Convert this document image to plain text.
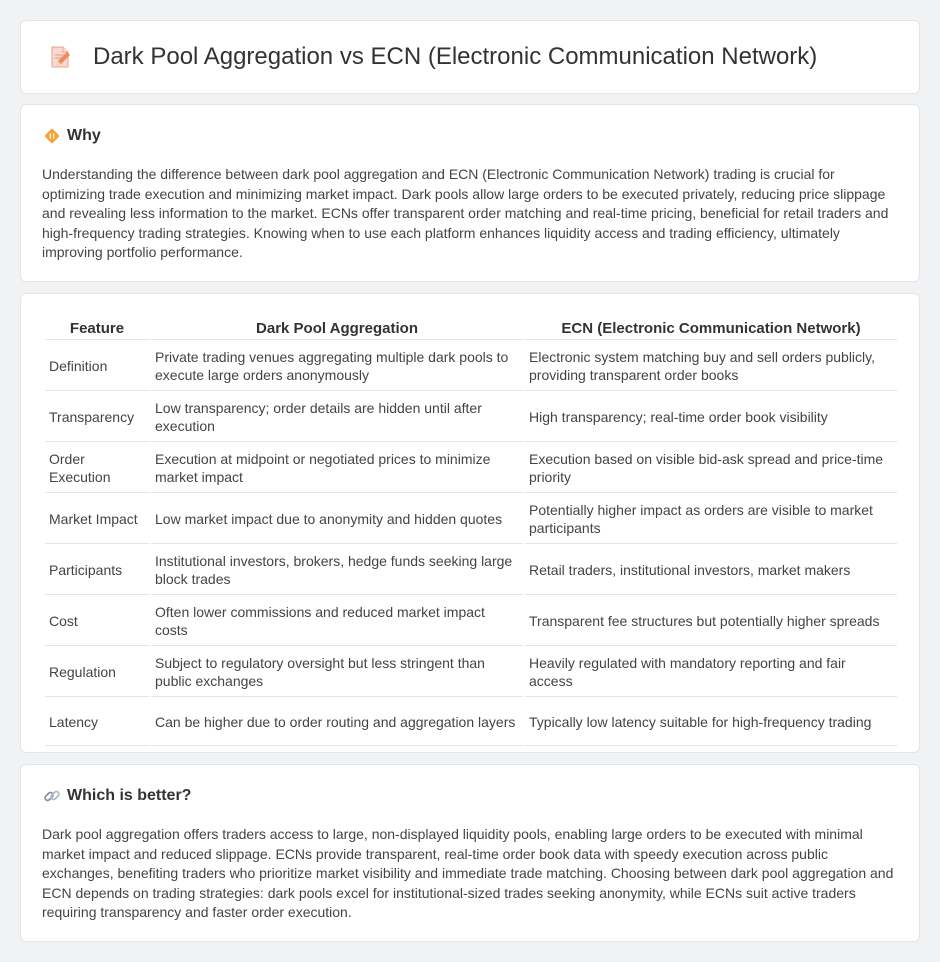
Dark Pool Aggregation vs ECN (Electronic Communication Network)
!! Why

Understanding the difference between dark pool aggregation and ECN (Electronic Communication Network) trading is crucial for optimizing trade execution and minimizing market impact. Dark pools allow large orders to be executed privately, reducing price slippage and revealing less information to the market. ECNs offer transparent order matching and real-time pricing, beneficial for retail traders and high-frequency trading strategies. Knowing when to use each platform enhances liquidity access and trading efficiency, ultimately improving portfolio performance.

Feature	Dark Pool Aggregation	ECN (Electronic Communication Network)
Definition	Private trading venues aggregating multiple dark pools to execute large orders anonymously	Electronic system matching buy and sell orders publicly, providing transparent order books
Transparency	Low transparency; order details are hidden until after execution	High transparency; real-time order book visibility
Order Execution	Execution at midpoint or negotiated prices to minimize market impact	Execution based on visible bid-ask spread and price-time priority
Market Impact	Low market impact due to anonymity and hidden quotes	Potentially higher impact as orders are visible to market participants
Participants	Institutional investors, brokers, hedge funds seeking large block trades	Retail traders, institutional investors, market makers
Cost	Often lower commissions and reduced market impact costs	Transparent fee structures but potentially higher spreads
Regulation	Subject to regulatory oversight but less stringent than public exchanges	Heavily regulated with mandatory reporting and fair access
Latency	Can be higher due to order routing and aggregation layers	Typically low latency suitable for high-frequency trading
Which is better?

Dark pool aggregation offers traders access to large, non-displayed liquidity pools, enabling large orders to be executed with minimal market impact and reduced slippage. ECNs provide transparent, real-time order book data with speedy execution across public exchanges, benefiting traders who prioritize market visibility and immediate trade matching. Choosing between dark pool aggregation and ECN depends on trading strategies: dark pools excel for institutional-sized trades seeking anonymity, while ECNs suit active traders requiring transparency and faster order execution.
